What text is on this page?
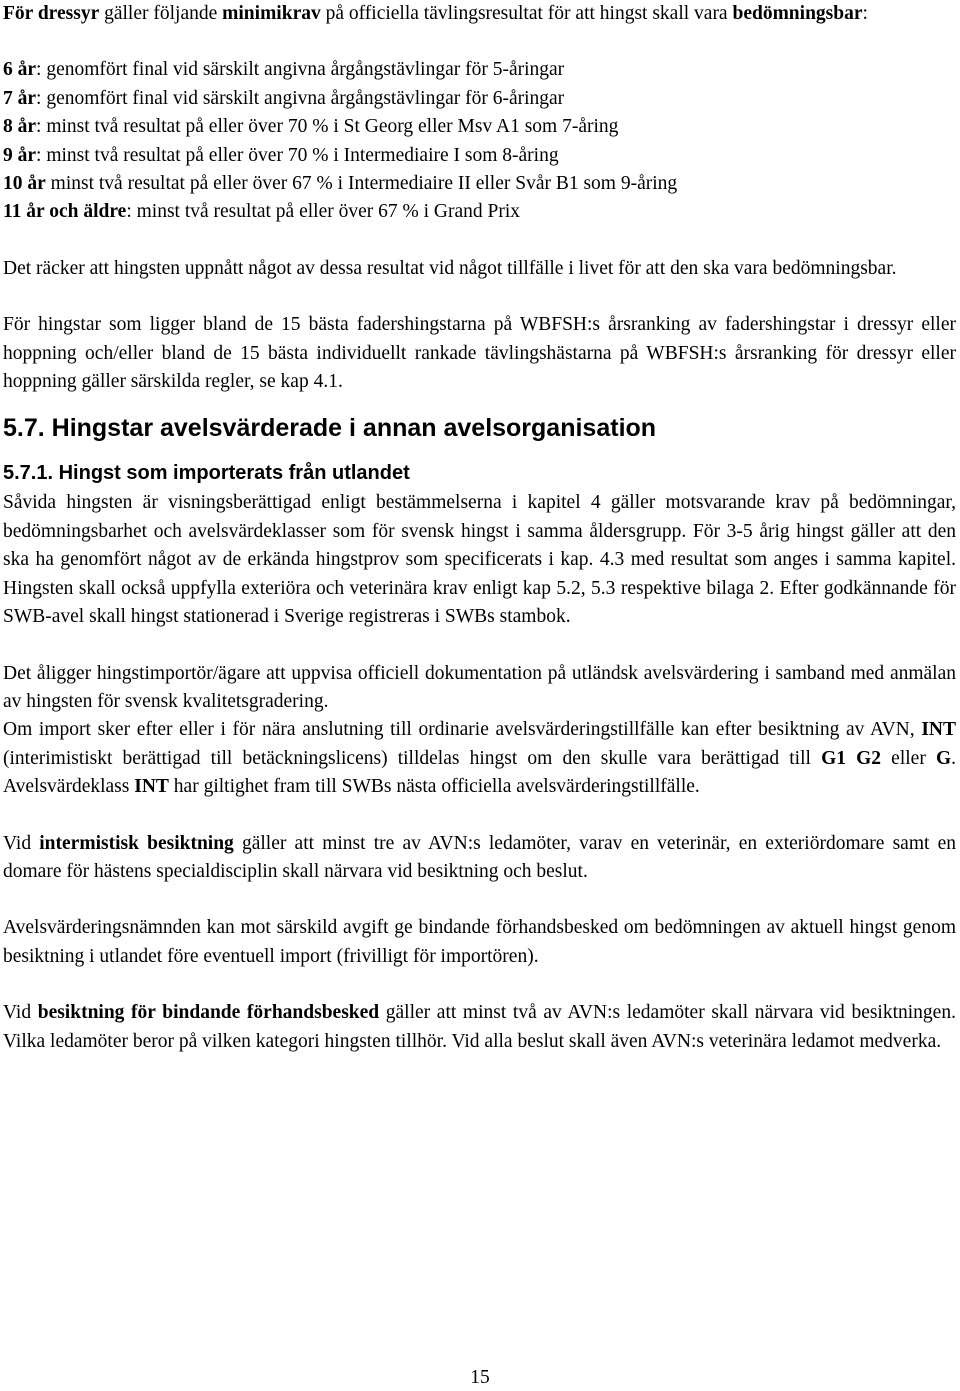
För dressyr gäller följande minimikrav på officiella tävlingsresultat för att hingst skall vara bedömningsbar:

6 år: genomfört final vid särskilt angivna årgångstävlingar för 5-åringar

7 år: genomfört final vid särskilt angivna årgångstävlingar för 6-åringar

8 år: minst två resultat på eller över 70 % i St Georg eller Msv A1 som 7-åring

9 år: minst två resultat på eller över 70 % i Intermediaire I som 8-åring

10 år minst två resultat på eller över 67 % i Intermediaire II eller Svår B1 som 9-åring

11 år och äldre: minst två resultat på eller över 67 % i Grand Prix

Det räcker att hingsten uppnått något av dessa resultat vid något tillfälle i livet för att den ska vara bedömningsbar.

För hingstar som ligger bland de 15 bästa fadershingstarna på WBFSH:s årsranking av fadershingstar i dressyr eller hoppning och/eller bland de 15 bästa individuellt rankade tävlingshästarna på WBFSH:s årsranking för dressyr eller hoppning gäller särskilda regler, se kap 4.1.

5.7. Hingstar avelsvärderade i annan avelsorganisation
5.7.1. Hingst som importerats från utlandet

Såvida hingsten är visningsberättigad enligt bestämmelserna i kapitel 4 gäller motsvarande krav på bedömningar, bedömningsbarhet och avelsvärdeklasser som för svensk hingst i samma åldersgrupp. För 3-5 årig hingst gäller att den ska ha genomfört något av de erkända hingstprov som specificerats i kap. 4.3 med resultat som anges i samma kapitel. Hingsten skall också uppfylla exteriöra och veterinära krav enligt kap 5.2, 5.3 respektive bilaga 2. Efter godkännande för SWB-avel skall hingst stationerad i Sverige registreras i SWBs stambok.

Det åligger hingstimportör/ägare att uppvisa officiell dokumentation på utländsk avelsvärdering i samband med anmälan av hingsten för svensk kvalitetsgradering.

Om import sker efter eller i för nära anslutning till ordinarie avelsvärderingstillfälle kan efter besiktning av AVN, INT (interimistiskt berättigad till betäckningslicens) tilldelas hingst om den skulle vara berättigad till G1 G2 eller G. Avelsvärdeklass INT har giltighet fram till SWBs nästa officiella avelsvärderingstillfälle.

Vid intermistisk besiktning gäller att minst tre av AVN:s ledamöter, varav en veterinär, en exteriördomare samt en domare för hästens specialdisciplin skall närvara vid besiktning och beslut.

Avelsvärderingsnämnden kan mot särskild avgift ge bindande förhandsbesked om bedömningen av aktuell hingst genom besiktning i utlandet före eventuell import (frivilligt för importören).

Vid besiktning för bindande förhandsbesked gäller att minst två av AVN:s ledamöter skall närvara vid besiktningen. Vilka ledamöter beror på vilken kategori hingsten tillhör. Vid alla beslut skall även AVN:s veterinära ledamot medverka.

15
